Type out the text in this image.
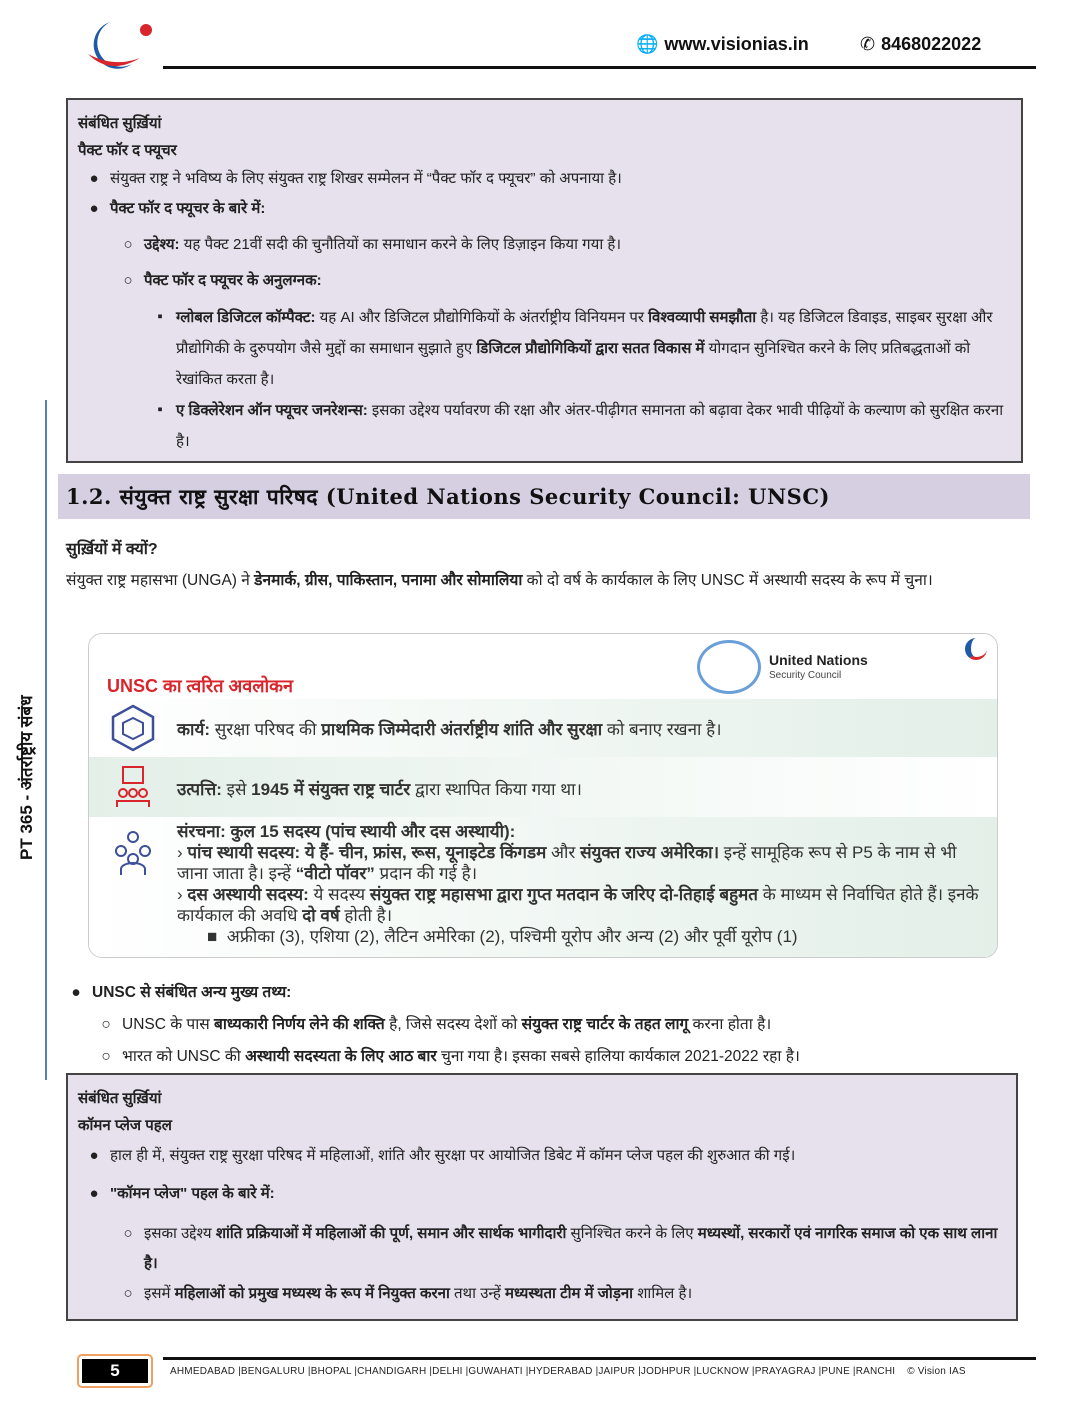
🌐 www.visionias.in	✆ 8468022022
PT 365 - अंतर्राष्ट्रीय संबंध
संबंधित सुर्ख़ियां
पैक्ट फॉर द फ्यूचर
● संयुक्त राष्ट्र ने भविष्य के लिए संयुक्त राष्ट्र शिखर सम्मेलन में “पैक्ट फॉर द फ्यूचर” को अपनाया है।
● पैक्ट फॉर द फ्यूचर के बारे में:
○ उद्देश्य: यह पैक्ट 21वीं सदी की चुनौतियों का समाधान करने के लिए डिज़ाइन किया गया है।
○ पैक्ट फॉर द फ्यूचर के अनुलग्नक:
▪ ग्लोबल डिजिटल कॉम्पैक्ट: यह AI और डिजिटल प्रौद्योगिकियों के अंतर्राष्ट्रीय विनियमन पर विश्वव्यापी समझौता है। यह डिजिटल डिवाइड, साइबर सुरक्षा और प्रौद्योगिकी के दुरुपयोग जैसे मुद्दों का समाधान सुझाते हुए डिजिटल प्रौद्योगिकियों द्वारा सतत विकास में योगदान सुनिश्चित करने के लिए प्रतिबद्धताओं को रेखांकित करता है।
▪ ए डिक्लेरेशन ऑन फ्यूचर जनरेशन्स: इसका उद्देश्य पर्यावरण की रक्षा और अंतर-पीढ़ीगत समानता को बढ़ावा देकर भावी पीढ़ियों के कल्याण को सुरक्षित करना है।
1.2. संयुक्त राष्ट्र सुरक्षा परिषद (United Nations Security Council: UNSC)
सुर्ख़ियों में क्यों?
संयुक्त राष्ट्र महासभा (UNGA) ने डेनमार्क, ग्रीस, पाकिस्तान, पनामा और सोमालिया को दो वर्ष के कार्यकाल के लिए UNSC में अस्थायी सदस्य के रूप में चुना।
UNSC का त्वरित अवलोकन
United Nations
Security Council
कार्य: सुरक्षा परिषद की प्राथमिक जिम्मेदारी अंतर्राष्ट्रीय शांति और सुरक्षा को बनाए रखना है।
उत्पत्ति: इसे 1945 में संयुक्त राष्ट्र चार्टर द्वारा स्थापित किया गया था।
संरचना: कुल 15 सदस्य (पांच स्थायी और दस अस्थायी):
› पांच स्थायी सदस्य: ये हैं- चीन, फ्रांस, रूस, यूनाइटेड किंगडम और संयुक्त राज्य अमेरिका। इन्हें सामूहिक रूप से P5 के नाम से भी जाना जाता है। इन्हें “वीटो पॉवर” प्रदान की गई है।
› दस अस्थायी सदस्य: ये सदस्य संयुक्त राष्ट्र महासभा द्वारा गुप्त मतदान के जरिए दो-तिहाई बहुमत के माध्यम से निर्वाचित होते हैं। इनके कार्यकाल की अवधि दो वर्ष होती है।
■  अफ्रीका (3), एशिया (2), लैटिन अमेरिका (2), पश्चिमी यूरोप और अन्य (2) और पूर्वी यूरोप (1)
● UNSC से संबंधित अन्य मुख्य तथ्य:
○ UNSC के पास बाध्यकारी निर्णय लेने की शक्ति है, जिसे सदस्य देशों को संयुक्त राष्ट्र चार्टर के तहत लागू करना होता है।
○ भारत को UNSC की अस्थायी सदस्यता के लिए आठ बार चुना गया है। इसका सबसे हालिया कार्यकाल 2021-2022 रहा है।
संबंधित सुर्ख़ियां
कॉमन प्लेज पहल
● हाल ही में, संयुक्त राष्ट्र सुरक्षा परिषद में महिलाओं, शांति और सुरक्षा पर आयोजित डिबेट में कॉमन प्लेज पहल की शुरुआत की गई।
● "कॉमन प्लेज" पहल के बारे में:
○ इसका उद्देश्य शांति प्रक्रियाओं में महिलाओं की पूर्ण, समान और सार्थक भागीदारी सुनिश्चित करने के लिए मध्यस्थों, सरकारों एवं नागरिक समाज को एक साथ लाना है।
○ इसमें महिलाओं को प्रमुख मध्यस्थ के रूप में नियुक्त करना तथा उन्हें मध्यस्थता टीम में जोड़ना शामिल है।
5	AHMEDABAD |BENGALURU |BHOPAL |CHANDIGARH |DELHI |GUWAHATI |HYDERABAD |JAIPUR |JODHPUR |LUCKNOW |PRAYAGRAJ |PUNE |RANCHI © Vision IAS
